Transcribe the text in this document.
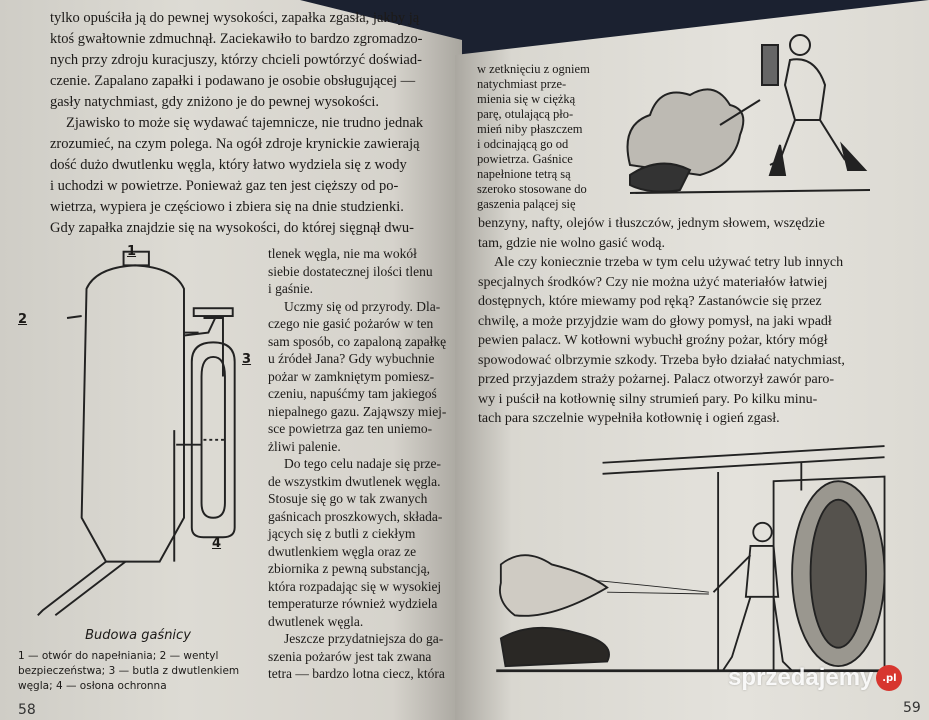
tylko opuściła ją do pewnej wysokości, zapałka zgasła, jakby ją
ktoś gwałtownie zdmuchnął. Zaciekawiło to bardzo zgromadzo-
nych przy zdroju kuracjuszy, którzy chcieli powtórzyć doświad-
czenie. Zapalano zapałki i podawano je osobie obsługującej —
gasły natychmiast, gdy zniżono je do pewnej wysokości.
Zjawisko to może się wydawać tajemnicze, nie trudno jednak
zrozumieć, na czym polega. Na ogół zdroje krynickie zawierają
dość dużo dwutlenku węgla, który łatwo wydziela się z wody
i uchodzi w powietrze. Ponieważ gaz ten jest cięższy od po-
wietrza, wypiera je częściowo i zbiera się na dnie studzienki.
Gdy zapałka znajdzie się na wysokości, do której sięgnął dwu-
tlenek węgla, nie ma wokół
siebie dostatecznej ilości tlenu
i gaśnie.
Uczmy się od przyrody. Dla-
czego nie gasić pożarów w ten
sam sposób, co zapaloną zapałkę
u źródeł Jana? Gdy wybuchnie
pożar w zamkniętym pomiesz-
czeniu, napuśćmy tam jakiegoś
niepalnego gazu. Zająwszy miej-
sce powietrza gaz ten uniemo-
żliwi palenie.
Do tego celu nadaje się prze-
de wszystkim dwutlenek węgla.
Stosuje się go w tak zwanych
gaśnicach proszkowych, składa-
jących się z butli z ciekłym
dwutlenkiem węgla oraz ze
zbiornika z pewną substancją,
która rozpadając się w wysokiej
temperaturze również wydziela
dwutlenek węgla.
Jeszcze przydatniejsza do ga-
szenia pożarów jest tak zwana
tetra — bardzo lotna ciecz, która
1
2
3
4
Budowa gaśnicy
1 — otwór do napełniania; 2 — wentyl bezpieczeństwa; 3 — butla z dwutlenkiem węgla; 4 — osłona ochronna
58
w zetknięciu z ogniem
natychmiast prze-
mienia się w ciężką
parę, otulającą pło-
mień niby płaszczem
i odcinającą go od
powietrza. Gaśnice
napełnione tetrą są
szeroko stosowane do
gaszenia palącej się
benzyny, nafty, olejów i tłuszczów, jednym słowem, wszędzie
tam, gdzie nie wolno gasić wodą.
Ale czy koniecznie trzeba w tym celu używać tetry lub innych
specjalnych środków? Czy nie można użyć materiałów łatwiej
dostępnych, które miewamy pod ręką? Zastanówcie się przez
chwilę, a może przyjdzie wam do głowy pomysł, na jaki wpadł
pewien palacz. W kotłowni wybuchł groźny pożar, który mógł
spowodować olbrzymie szkody. Trzeba było działać natychmiast,
przed przyjazdem straży pożarnej. Palacz otworzył zawór paro-
wy i puścił na kotłownię silny strumień pary. Po kilku minu-
tach para szczelnie wypełniła kotłownię i ogień zgasł.
59
sprzedajemy .pl
